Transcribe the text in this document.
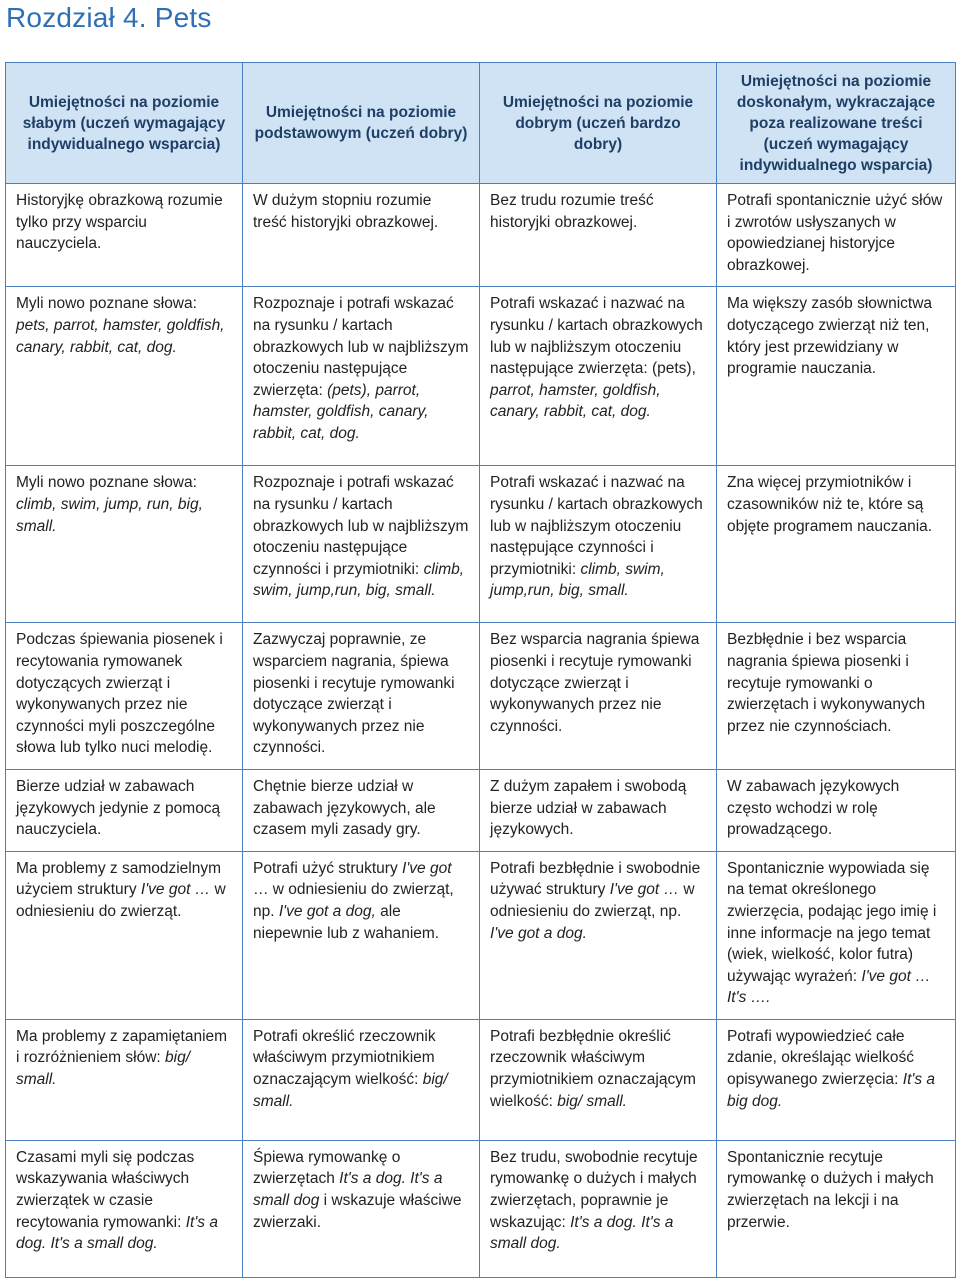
Rozdział 4. Pets
Umiejętności na poziomie słabym (uczeń wymagający indywidualnego wsparcia)	Umiejętności na poziomie podstawowym (uczeń dobry)	Umiejętności na poziomie dobrym (uczeń bardzo dobry)	Umiejętności na poziomie doskonałym, wykraczające poza realizowane treści (uczeń wymagający indywidualnego wsparcia)

Historyjkę obrazkową rozumie tylko przy wsparciu nauczyciela.	W dużym stopniu rozumie treść historyjki obrazkowej.	Bez trudu rozumie treść historyjki obrazkowej.	Potrafi spontanicznie użyć słów i zwrotów usłyszanych w opowiedzianej historyjce obrazkowej.

Myli nowo poznane słowa: pets, parrot, hamster, goldfish, canary, rabbit, cat, dog.	Rozpoznaje i potrafi wskazać na rysunku / kartach obrazkowych lub w najbliższym otoczeniu następujące zwierzęta: (pets), parrot, hamster, goldfish, canary, rabbit, cat, dog.	Potrafi wskazać i nazwać na rysunku / kartach obrazkowych lub w najbliższym otoczeniu następujące zwierzęta: (pets), parrot, hamster, goldfish, canary, rabbit, cat, dog.	Ma większy zasób słownictwa dotyczącego zwierząt niż ten, który jest przewidziany w programie nauczania.

Myli nowo poznane słowa: climb, swim, jump, run, big, small.	Rozpoznaje i potrafi wskazać na rysunku / kartach obrazkowych lub w najbliższym otoczeniu następujące czynności i przymiotniki: climb, swim, jump,run, big, small.	Potrafi wskazać i nazwać na rysunku / kartach obrazkowych lub w najbliższym otoczeniu następujące czynności i przymiotniki: climb, swim, jump,run, big, small.	Zna więcej przymiotników i czasowników niż te, które są objęte programem nauczania.

Podczas śpiewania piosenek i recytowania rymowanek dotyczących zwierząt i wykonywanych przez nie czynności myli poszczególne słowa lub tylko nuci melodię.	Zazwyczaj poprawnie, ze wsparciem nagrania, śpiewa piosenki i recytuje rymowanki dotyczące zwierząt i wykonywanych przez nie czynności.	Bez wsparcia nagrania śpiewa piosenki i recytuje rymowanki dotyczące zwierząt i wykonywanych przez nie czynności.	Bezbłędnie i bez wsparcia nagrania śpiewa piosenki i recytuje rymowanki o zwierzętach i wykonywanych przez nie czynnościach.

Bierze udział w zabawach językowych jedynie z pomocą nauczyciela.	Chętnie bierze udział w zabawach językowych, ale czasem myli zasady gry.	Z dużym zapałem i swobodą bierze udział w zabawach językowych.	W zabawach językowych często wchodzi w rolę prowadzącego.

Ma problemy z samodzielnym użyciem struktury I've got … w odniesieniu do zwierząt.	Potrafi użyć struktury I've got … w odniesieniu do zwierząt, np. I've got a dog, ale niepewnie lub z wahaniem.	Potrafi bezbłędnie i swobodnie używać struktury I've got … w odniesieniu do zwierząt, np. I've got a dog.	Spontanicznie wypowiada się na temat określonego zwierzęcia, podając jego imię i inne informacje na jego temat (wiek, wielkość, kolor futra) używając wyrażeń: I've got … It's ….

Ma problemy z zapamiętaniem i rozróżnieniem słów: big/ small.	Potrafi określić rzeczownik właściwym przymiotnikiem oznaczającym wielkość: big/ small.	Potrafi bezbłędnie określić rzeczownik właściwym przymiotnikiem oznaczającym wielkość: big/ small.	Potrafi wypowiedzieć całe zdanie, określając wielkość opisywanego zwierzęcia: It's a big dog.

Czasami myli się podczas wskazywania właściwych zwierzątek w czasie recytowania rymowanki: It's a dog. It's a small dog.	Śpiewa rymowankę o zwierzętach It's a dog. It's a small dog i wskazuje właściwe zwierzaki.	Bez trudu, swobodnie recytuje rymowankę o dużych i małych zwierzętach, poprawnie je wskazując: It's a dog. It's a small dog.	Spontanicznie recytuje rymowankę o dużych i małych zwierzętach na lekcji i na przerwie.
